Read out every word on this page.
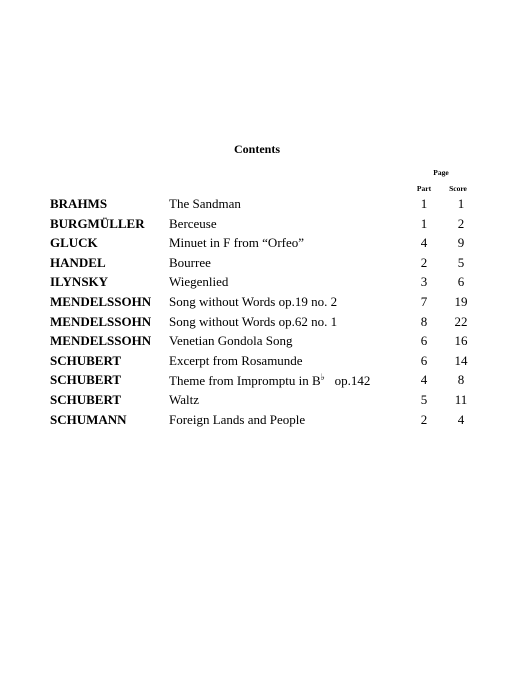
Contents
Page
Part	Score
BRAHMS	The Sandman	1	1
BURGMÜLLER Berceuse	1	2
GLUCK	Minuet in F from “Orfeo”	4	9
HANDEL	Bourree	2	5
ILYNSKY	Wiegenlied	3	6
MENDELSSOHN Song without Words op.19 no. 2	7	19
MENDELSSOHN Song without Words op.62 no. 1	8	22
MENDELSSOHN Venetian Gondola Song	6	16
SCHUBERT	Excerpt from Rosamunde	6	14
SCHUBERT	Theme from Impromptu in B♭ op.142	4	8
SCHUBERT	Waltz	5	11
SCHUMANN	Foreign Lands and People	2	4
